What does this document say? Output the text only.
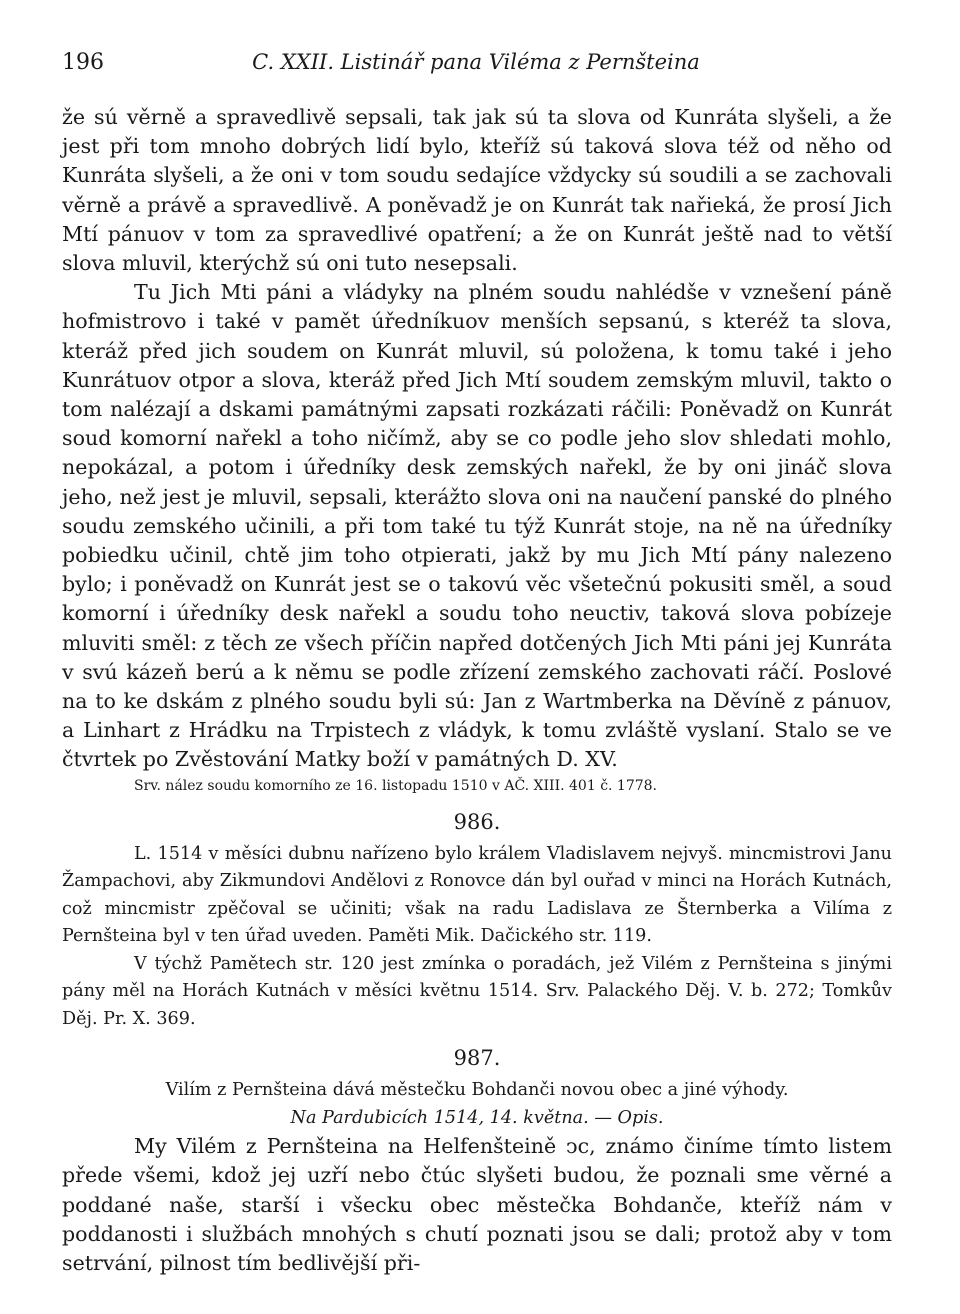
196	C. XXII. Listinář pana Viléma z Pernšteina

že sú věrně a spravedlivě sepsali, tak jak sú ta slova od Kunráta slyšeli, a že jest při tom mnoho dobrých lidí bylo, kteříž sú taková slova též od něho od Kunráta slyšeli, a že oni v tom soudu sedajíce vždycky sú soudili a se zachovali věrně a právě a spravedlivě. A poněvadž je on Kunrát tak nařieká, že prosí Jich Mtí pánuov v tom za spravedlivé opatření; a že on Kunrát ještě nad to větší slova mluvil, kterýchž sú oni tuto nesepsali.

Tu Jich Mti páni a vládyky na plném soudu nahlédše v vznešení páně hofmistrovo i také v pamět úředníkuov menších sepsanú, s kteréž ta slova, kteráž před jich soudem on Kunrát mluvil, sú položena, k tomu také i jeho Kunrátuov otpor a slova, kteráž před Jich Mtí soudem zemským mluvil, takto o tom nalézají a dskami památnými zapsati rozkázati ráčili: Poněvadž on Kunrát soud komorní nařekl a toho ničímž, aby se co podle jeho slov shledati mohlo, nepokázal, a potom i úředníky desk zemských nařekl, že by oni jináč slova jeho, než jest je mluvil, sepsali, kterážto slova oni na naučení panské do plného soudu zemského učinili, a při tom také tu týž Kunrát stoje, na ně na úředníky pobiedku učinil, chtě jim toho otpierati, jakž by mu Jich Mtí pány nalezeno bylo; i poněvadž on Kunrát jest se o takovú věc všetečnú pokusiti směl, a soud komorní i úředníky desk nařekl a soudu toho neuctiv, taková slova pobízeje mluviti směl: z těch ze všech příčin napřed dotčených Jich Mti páni jej Kunráta v svú kázeň berú a k němu se podle zřízení zemského zachovati ráčí. Poslové na to ke dskám z plného soudu byli sú: Jan z Wartmberka na Děvíně z pánuov, a Linhart z Hrádku na Trpistech z vládyk, k tomu zvláště vyslaní. Stalo se ve čtvrtek po Zvěstování Matky boží v památných D. XV.

Srv. nález soudu komorního ze 16. listopadu 1510 v AČ. XIII. 401 č. 1778.

986.

L. 1514 v měsíci dubnu nařízeno bylo králem Vladislavem nejvyš. mincmistrovi Janu Žampachovi, aby Zikmundovi Andělovi z Ronovce dán byl ouřad v minci na Horách Kutnách, což mincmistr zpěčoval se učiniti; však na radu Ladislava ze Šternberka a Vilíma z Pernšteina byl v ten úřad uveden. Paměti Mik. Dačického str. 119.

V týchž Pamětech str. 120 jest zmínka o poradách, jež Vilém z Pernšteina s jinými pány měl na Horách Kutnách v měsíci květnu 1514. Srv. Palackého Děj. V. b. 272; Tomkův Děj. Pr. X. 369.

987.

Vilím z Pernšteina dává městečku Bohdanči novou obec a jiné výhody.

Na Pardubicích 1514, 14. května. — Opis.

My Vilém z Pernšteina na Helfenšteině ↄc, známo činíme tímto listem přede všemi, kdož jej uzří nebo čtúc slyšeti budou, že poznali sme věrné a poddané naše, starší i všecku obec městečka Bohdanče, kteříž nám v poddanosti i službách mnohých s chutí poznati jsou se dali; protož aby v tom setrvání, pilnost tím bedlivější při-
